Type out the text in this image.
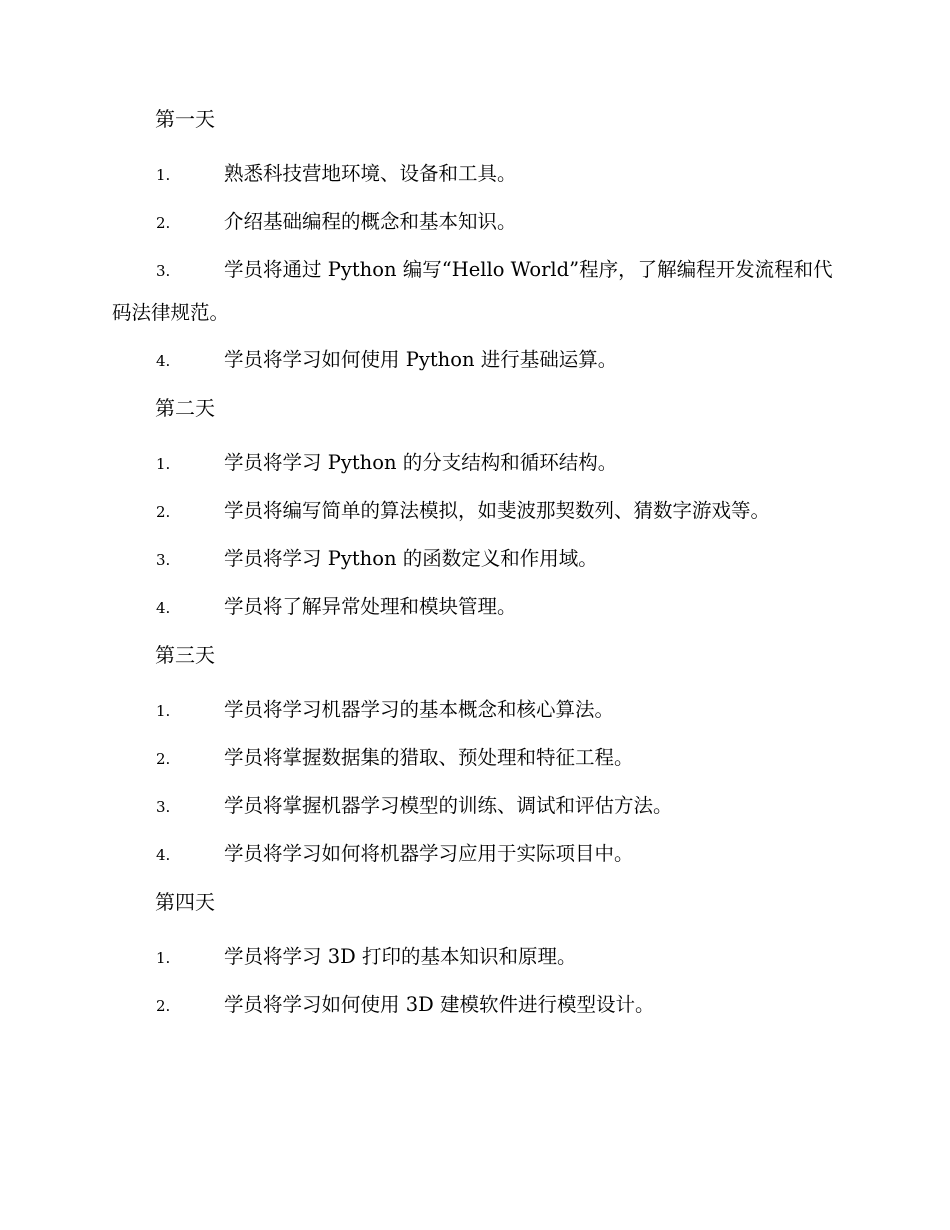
第一天
1.	熟悉科技营地环境、设备和工具。
2.	介绍基础编程的概念和基本知识。
3.	学员将通过 Python 编写“Hello World”程序，了解编程开发流程和代码法律规范。
4.	学员将学习如何使用 Python 进行基础运算。
第二天
1.	学员将学习 Python 的分支结构和循环结构。
2.	学员将编写简单的算法模拟，如斐波那契数列、猜数字游戏等。
3.	学员将学习 Python 的函数定义和作用域。
4.	学员将了解异常处理和模块管理。
第三天
1.	学员将学习机器学习的基本概念和核心算法。
2.	学员将掌握数据集的猎取、预处理和特征工程。
3.	学员将掌握机器学习模型的训练、调试和评估方法。
4.	学员将学习如何将机器学习应用于实际项目中。
第四天
1.	学员将学习 3D 打印的基本知识和原理。
2.	学员将学习如何使用 3D 建模软件进行模型设计。
